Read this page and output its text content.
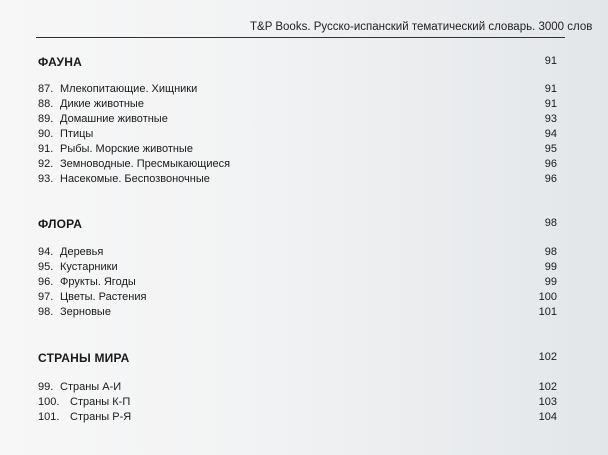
T&P Books. Русско-испанский тематический словарь. 3000 слов
ФАУНА	91
87. Млекопитающие. Хищники	91
88. Дикие животные	91
89. Домашние животные	93
90. Птицы	94
91. Рыбы. Морские животные	95
92. Земноводные. Пресмыкающиеся	96
93. Насекомые. Беспозвоночные	96
ФЛОРА	98
94. Деревья	98
95. Кустарники	99
96. Фрукты. Ягоды	99
97. Цветы. Растения	100
98. Зерновые	101
СТРАНЫ МИРА	102
99. Страны А-И	102
100. Страны К-П	103
101. Страны Р-Я	104
